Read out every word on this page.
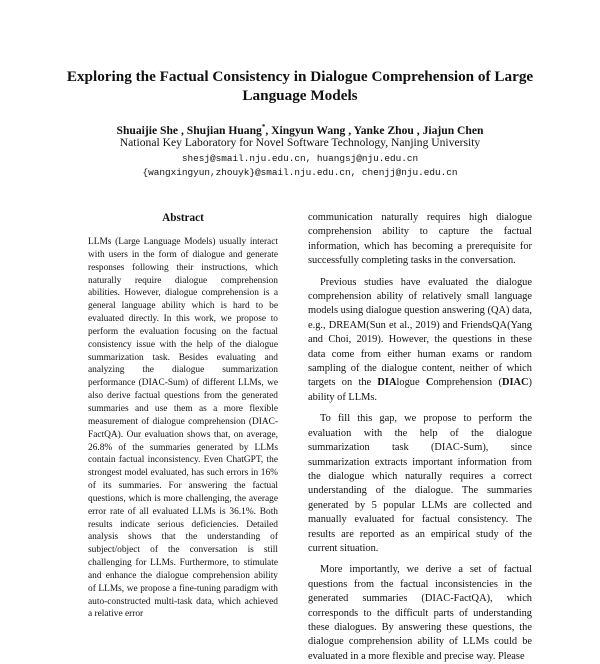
Exploring the Factual Consistency in Dialogue Comprehension of Large Language Models
Shuaijie She , Shujian Huang*, Xingyun Wang , Yanke Zhou , Jiajun Chen
National Key Laboratory for Novel Software Technology, Nanjing University
shesj@smail.nju.edu.cn, huangsj@nju.edu.cn
{wangxingyun,zhouyk}@smail.nju.edu.cn, chenjj@nju.edu.cn
Abstract

LLMs (Large Language Models) usually interact with users in the form of dialogue and generate responses following their instructions, which naturally require dialogue comprehension abilities. However, dialogue comprehension is a general language ability which is hard to be evaluated directly. In this work, we propose to perform the evaluation focusing on the factual consistency issue with the help of the dialogue summarization task. Besides evaluating and analyzing the dialogue summarization performance (DIAC-Sum) of different LLMs, we also derive factual questions from the generated summaries and use them as a more flexible measurement of dialogue comprehension (DIAC-FactQA). Our evaluation shows that, on average, 26.8% of the summaries generated by LLMs contain factual inconsistency. Even ChatGPT, the strongest model evaluated, has such errors in 16% of its summaries. For answering the factual questions, which is more challenging, the average error rate of all evaluated LLMs is 36.1%. Both results indicate serious deficiencies. Detailed analysis shows that the understanding of subject/object of the conversation is still challenging for LLMs. Furthermore, to stimulate and enhance the dialogue comprehension ability of LLMs, we propose a fine-tuning paradigm with auto-constructed multi-task data, which achieved a relative error

communication naturally requires high dialogue comprehension ability to capture the factual information, which has becoming a prerequisite for successfully completing tasks in the conversation.

Previous studies have evaluated the dialogue comprehension ability of relatively small language models using dialogue question answering (QA) data, e.g., DREAM(Sun et al., 2019) and FriendsQA(Yang and Choi, 2019). However, the questions in these data come from either human exams or random sampling of the dialogue content, neither of which targets on the DIAlogue Comprehension (DIAC) ability of LLMs.

To fill this gap, we propose to perform the evaluation with the help of the dialogue summarization task (DIAC-Sum), since summarization extracts important information from the dialogue which naturally requires a correct understanding of the dialogue. The summaries generated by 5 popular LLMs are collected and manually evaluated for factual consistency. The results are reported as an empirical study of the current situation.

More importantly, we derive a set of factual questions from the factual inconsistencies in the generated summaries (DIAC-FactQA), which corresponds to the difficult parts of understanding these dialogues. By answering these questions, the dialogue comprehension ability of LLMs could be evaluated in a more flexible and precise way. Please
